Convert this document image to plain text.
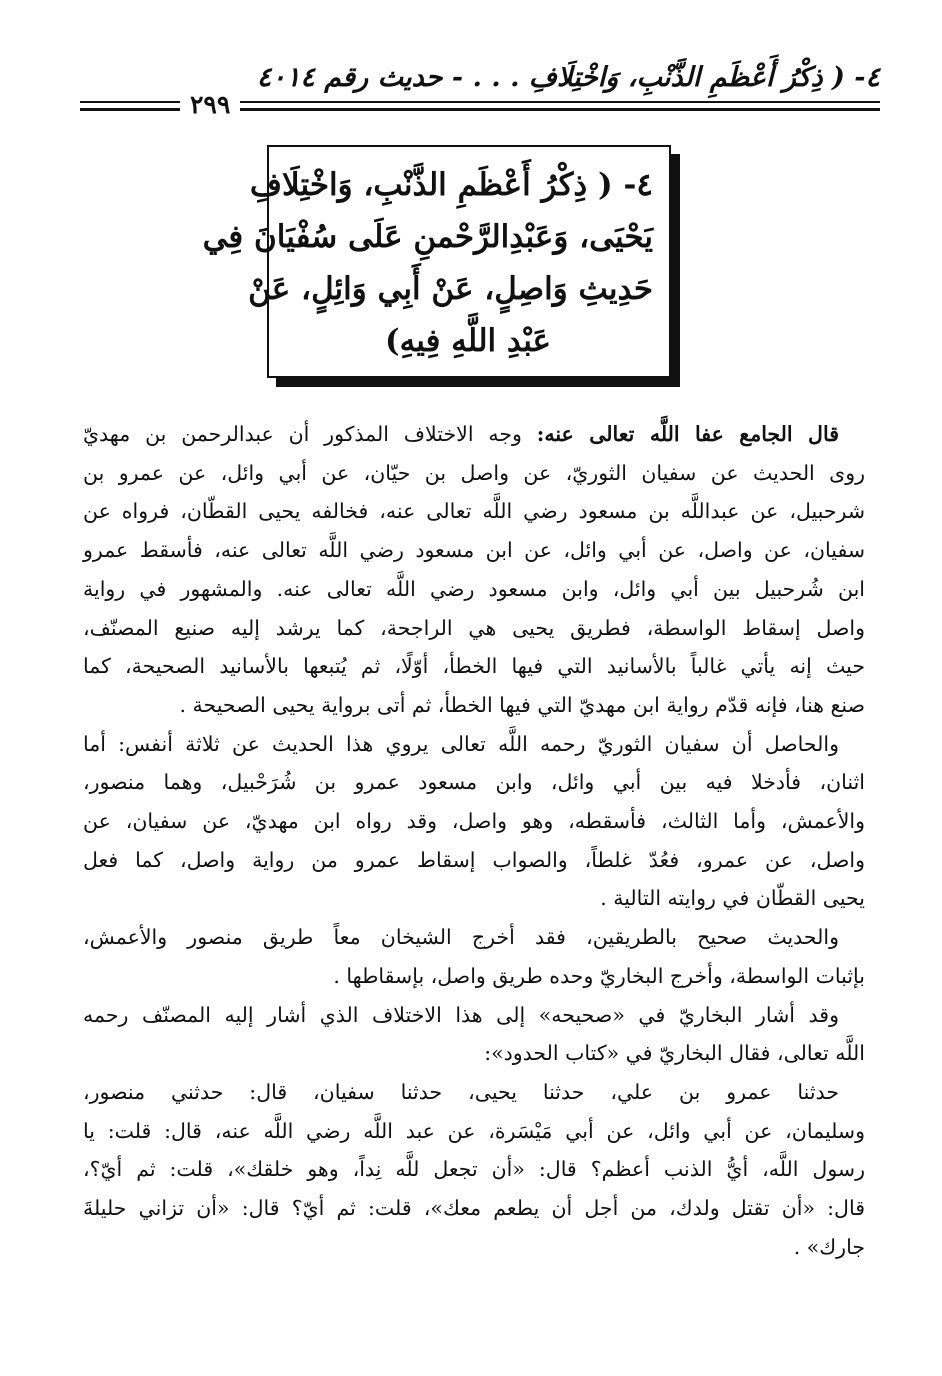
٤- ( ذِكْرُ أَعْظَمِ الذَّنْبِ، وَاخْتِلَافِ . . . - حديث رقم ٤٠١٤
٢٩٩
٤- ( ذِكْرُ أَعْظَمِ الذَّنْبِ، وَاخْتِلَافِ
يَحْيَى، وَعَبْدِالرَّحْمنِ عَلَى سُفْيَانَ فِي
حَدِيثِ وَاصِلٍ، عَنْ أَبِي وَائِلٍ، عَنْ
عَبْدِ اللَّهِ فِيهِ)
قال الجامع عفا اللَّه تعالى عنه: وجه الاختلاف المذكور أن عبدالرحمن بن مهديّ
روى الحديث عن سفيان الثوريّ، عن واصل بن حيّان، عن أبي وائل، عن عمرو بن
شرحبيل، عن عبداللَّه بن مسعود رضي اللَّه تعالى عنه، فخالفه يحيى القطّان، فرواه عن
سفيان، عن واصل، عن أبي وائل، عن ابن مسعود رضي اللَّه تعالى عنه، فأسقط عمرو
ابن شُرحبيل بين أبي وائل، وابن مسعود رضي اللَّه تعالى عنه. والمشهور في رواية
واصل إسقاط الواسطة، فطريق يحيى هي الراجحة، كما يرشد إليه صنيع المصنّف،
حيث إنه يأتي غالباً بالأسانيد التي فيها الخطأ، أوّلًا، ثم يُتبعها بالأسانيد الصحيحة، كما
صنع هنا، فإنه قدّم رواية ابن مهديّ التي فيها الخطأ، ثم أتى برواية يحيى الصحيحة .
والحاصل أن سفيان الثوريّ رحمه اللَّه تعالى يروي هذا الحديث عن ثلاثة أنفس: أما
اثنان، فأدخلا فيه بين أبي وائل، وابن مسعود عمرو بن شُرَحْبيل، وهما منصور،
والأعمش، وأما الثالث، فأسقطه، وهو واصل، وقد رواه ابن مهديّ، عن سفيان، عن
واصل، عن عمرو، فعُدّ غلطاً، والصواب إسقاط عمرو من رواية واصل، كما فعل
يحيى القطّان في روايته التالية .
والحديث صحيح بالطريقين، فقد أخرج الشيخان معاً طريق منصور والأعمش،
بإثبات الواسطة، وأخرج البخاريّ وحده طريق واصل، بإسقاطها .
وقد أشار البخاريّ في «صحيحه» إلى هذا الاختلاف الذي أشار إليه المصنّف رحمه
اللَّه تعالى، فقال البخاريّ في «كتاب الحدود»:
حدثنا عمرو بن علي، حدثنا يحيى، حدثنا سفيان، قال: حدثني منصور،
وسليمان، عن أبي وائل، عن أبي مَيْسَرة، عن عبد اللَّه رضي اللَّه عنه، قال: قلت: يا
رسول اللَّه، أيُّ الذنب أعظم؟ قال: «أن تجعل للَّه نِداً، وهو خلقك»، قلت: ثم أيّ؟،
قال: «أن تقتل ولدك، من أجل أن يطعم معك»، قلت: ثم أيّ؟ قال: «أن تزاني حليلةَ
جارك» .
